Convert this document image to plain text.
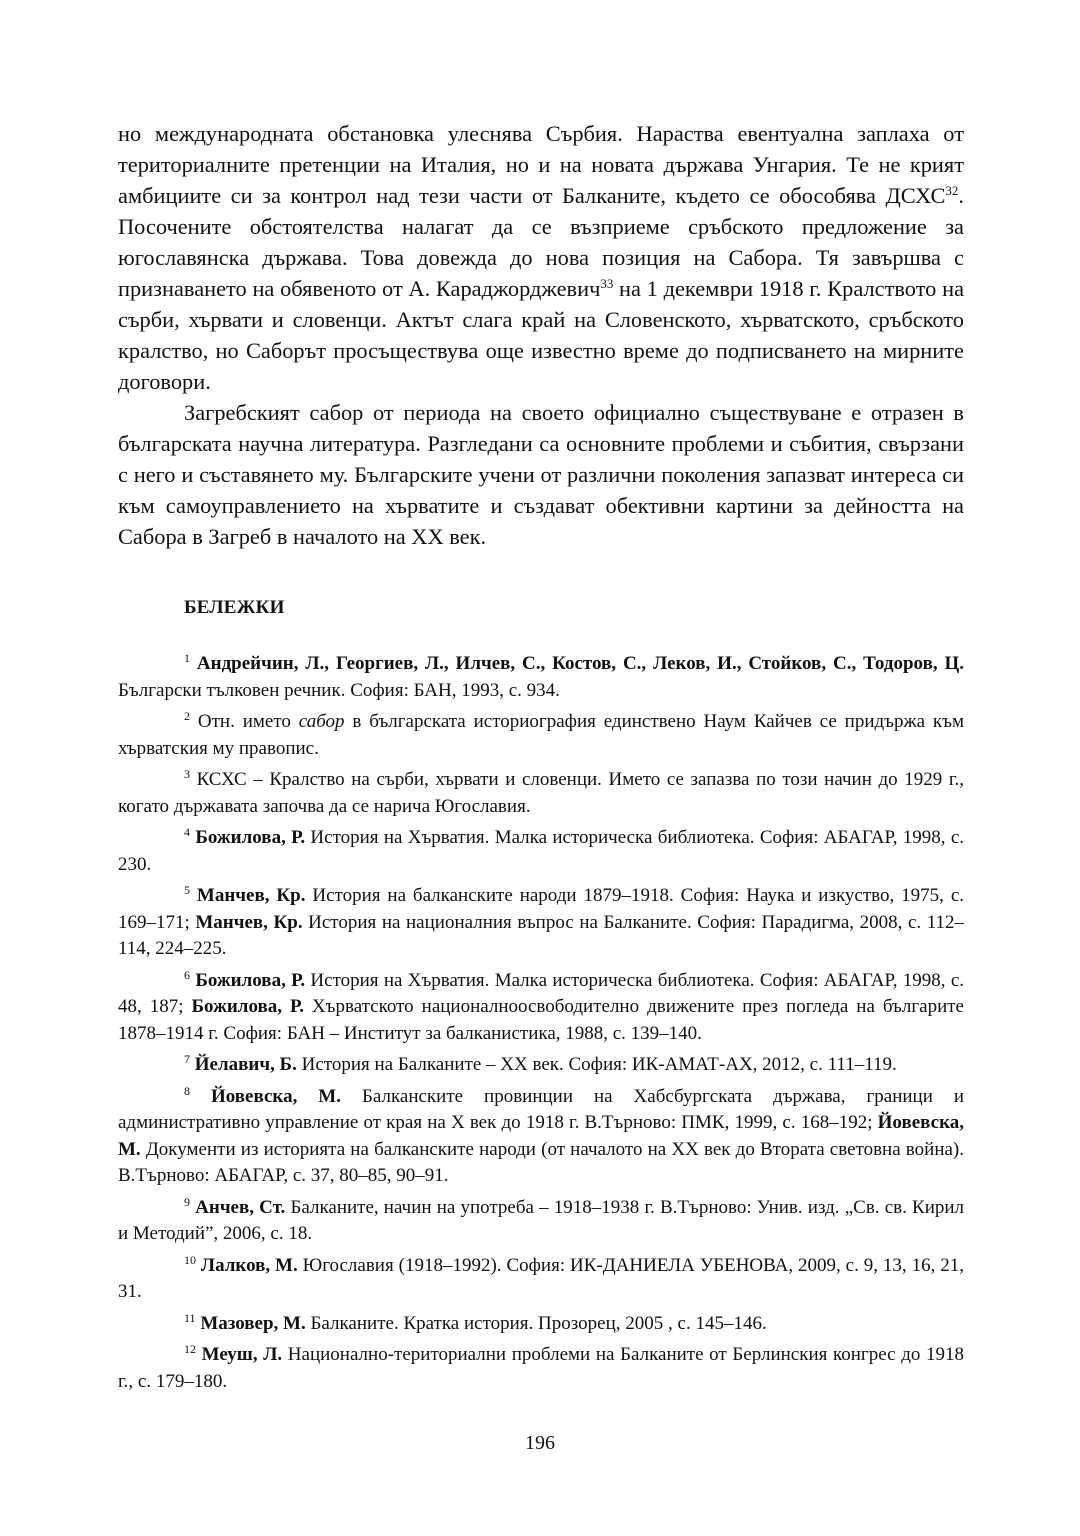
но международната обстановка улеснява Сърбия. Нараства евентуална заплаха от териториалните претенции на Италия, но и на новата държава Унгария. Те не крият амбициите си за контрол над тези части от Балканите, където се обособява ДСХС$^{32}$. Посочените обстоятелства налагат да се възприеме сръбското предложение за югославянска държава. Това довежда до нова позиция на Сабора. Тя завършва с признаването на обявеното от А. Караджорджевич$^{33}$ на 1 декември 1918 г. Кралството на сърби, хървати и словенци. Актът слага край на Словенското, хърватското, сръбското кралство, но Саборът просъществува още известно време до подписването на мирните договори.

Загребският сабор от периода на своето официално съществуване е отразен в българската научна литература. Разгледани са основните проблеми и събития, свързани с него и съставянето му. Българските учени от различни поколения запазват интереса си към самоуправлението на хърватите и създават обективни картини за дейността на Сабора в Загреб в началото на XX век.

БЕЛЕЖКИ

$^1$ Андрейчин, Л., Георгиев, Л., Илчев, С., Костов, С., Леков, И., Стойков, С., Тодоров, Ц. Български тълковен речник. София: БАН, 1993, с. 934.

$^2$ Отн. името сабор в българската историография единствено Наум Кайчев се придържа към хърватския му правопис.

$^3$ КСХС – Кралство на сърби, хървати и словенци. Името се запазва по този начин до 1929 г., когато държавата започва да се нарича Югославия.

$^4$ Божилова, Р. История на Хърватия. Малка историческа библиотека. София: АБАГАР, 1998, с. 230.

$^5$ Манчев, Кр. История на балканските народи 1879–1918. София: Наука и изкуство, 1975, с. 169–171; Манчев, Кр. История на националния въпрос на Балканите. София: Парадигма, 2008, с. 112–114, 224–225.

$^6$ Божилова, Р. История на Хърватия. Малка историческа библиотека. София: АБАГАР, 1998, с. 48, 187; Божилова, Р. Хърватското националноосвободително движените през погледа на българите 1878–1914 г. София: БАН – Институт за балканистика, 1988, с. 139–140.

$^7$ Йелавич, Б. История на Балканите – XX век. София: ИК-АМАТ-АХ, 2012, с. 111–119.

$^8$ Йовевска, М. Балканските провинции на Хабсбургската държава, граници и административно управление от края на X век до 1918 г. В.Търново: ПМК, 1999, с. 168–192; Йовевска, М. Документи из историята на балканските народи (от началото на XX век до Втората световна война). В.Търново: АБАГАР, с. 37, 80–85, 90–91.

$^9$ Анчев, Ст. Балканите, начин на употреба – 1918–1938 г. В.Търново: Унив. изд. „Св. св. Кирил и Методий”, 2006, с. 18.

$^{10}$ Лалков, М. Югославия (1918–1992). София: ИК-ДАНИЕЛА УБЕНОВА, 2009, с. 9, 13, 16, 21, 31.

$^{11}$ Мазовер, М. Балканите. Кратка история. Прозорец, 2005 , с. 145–146.

$^{12}$ Меуш, Л. Национално-териториални проблеми на Балканите от Берлинския конгрес до 1918 г., с. 179–180.

196
